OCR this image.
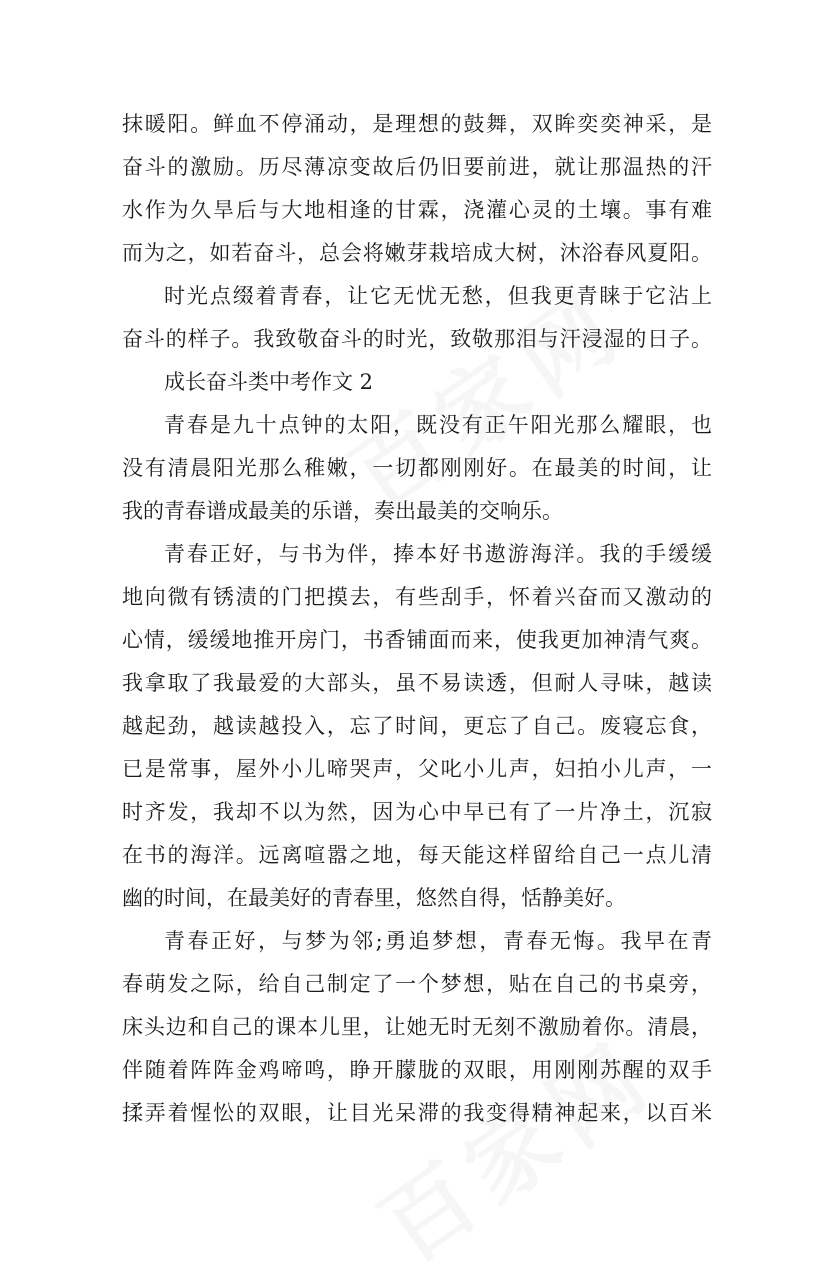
抹暖阳。鲜血不停涌动，是理想的鼓舞，双眸奕奕神采，是
奋斗的激励。历尽薄凉变故后仍旧要前进，就让那温热的汗
水作为久旱后与大地相逢的甘霖，浇灌心灵的土壤。事有难
而为之，如若奋斗，总会将嫩芽栽培成大树，沐浴春风夏阳。
时光点缀着青春，让它无忧无愁，但我更青睐于它沾上
奋斗的样子。我致敬奋斗的时光，致敬那泪与汗浸湿的日子。
成长奋斗类中考作文 2
青春是九十点钟的太阳，既没有正午阳光那么耀眼，也
没有清晨阳光那么稚嫩，一切都刚刚好。在最美的时间，让
我的青春谱成最美的乐谱，奏出最美的交响乐。
青春正好，与书为伴，捧本好书遨游海洋。我的手缓缓
地向微有锈渍的门把摸去，有些刮手，怀着兴奋而又激动的
心情，缓缓地推开房门，书香铺面而来，使我更加神清气爽。
我拿取了我最爱的大部头，虽不易读透，但耐人寻味，越读
越起劲，越读越投入，忘了时间，更忘了自己。废寝忘食，
已是常事，屋外小儿啼哭声，父叱小儿声，妇拍小儿声，一
时齐发，我却不以为然，因为心中早已有了一片净土，沉寂
在书的海洋。远离喧嚣之地，每天能这样留给自己一点儿清
幽的时间，在最美好的青春里，悠然自得，恬静美好。
青春正好，与梦为邻;勇追梦想，青春无悔。我早在青
春萌发之际，给自己制定了一个梦想，贴在自己的书桌旁，
床头边和自己的课本儿里，让她无时无刻不激励着你。清晨，
伴随着阵阵金鸡啼鸣，睁开朦胧的双眼，用刚刚苏醒的双手
揉弄着惺忪的双眼，让目光呆滞的我变得精神起来，以百米
